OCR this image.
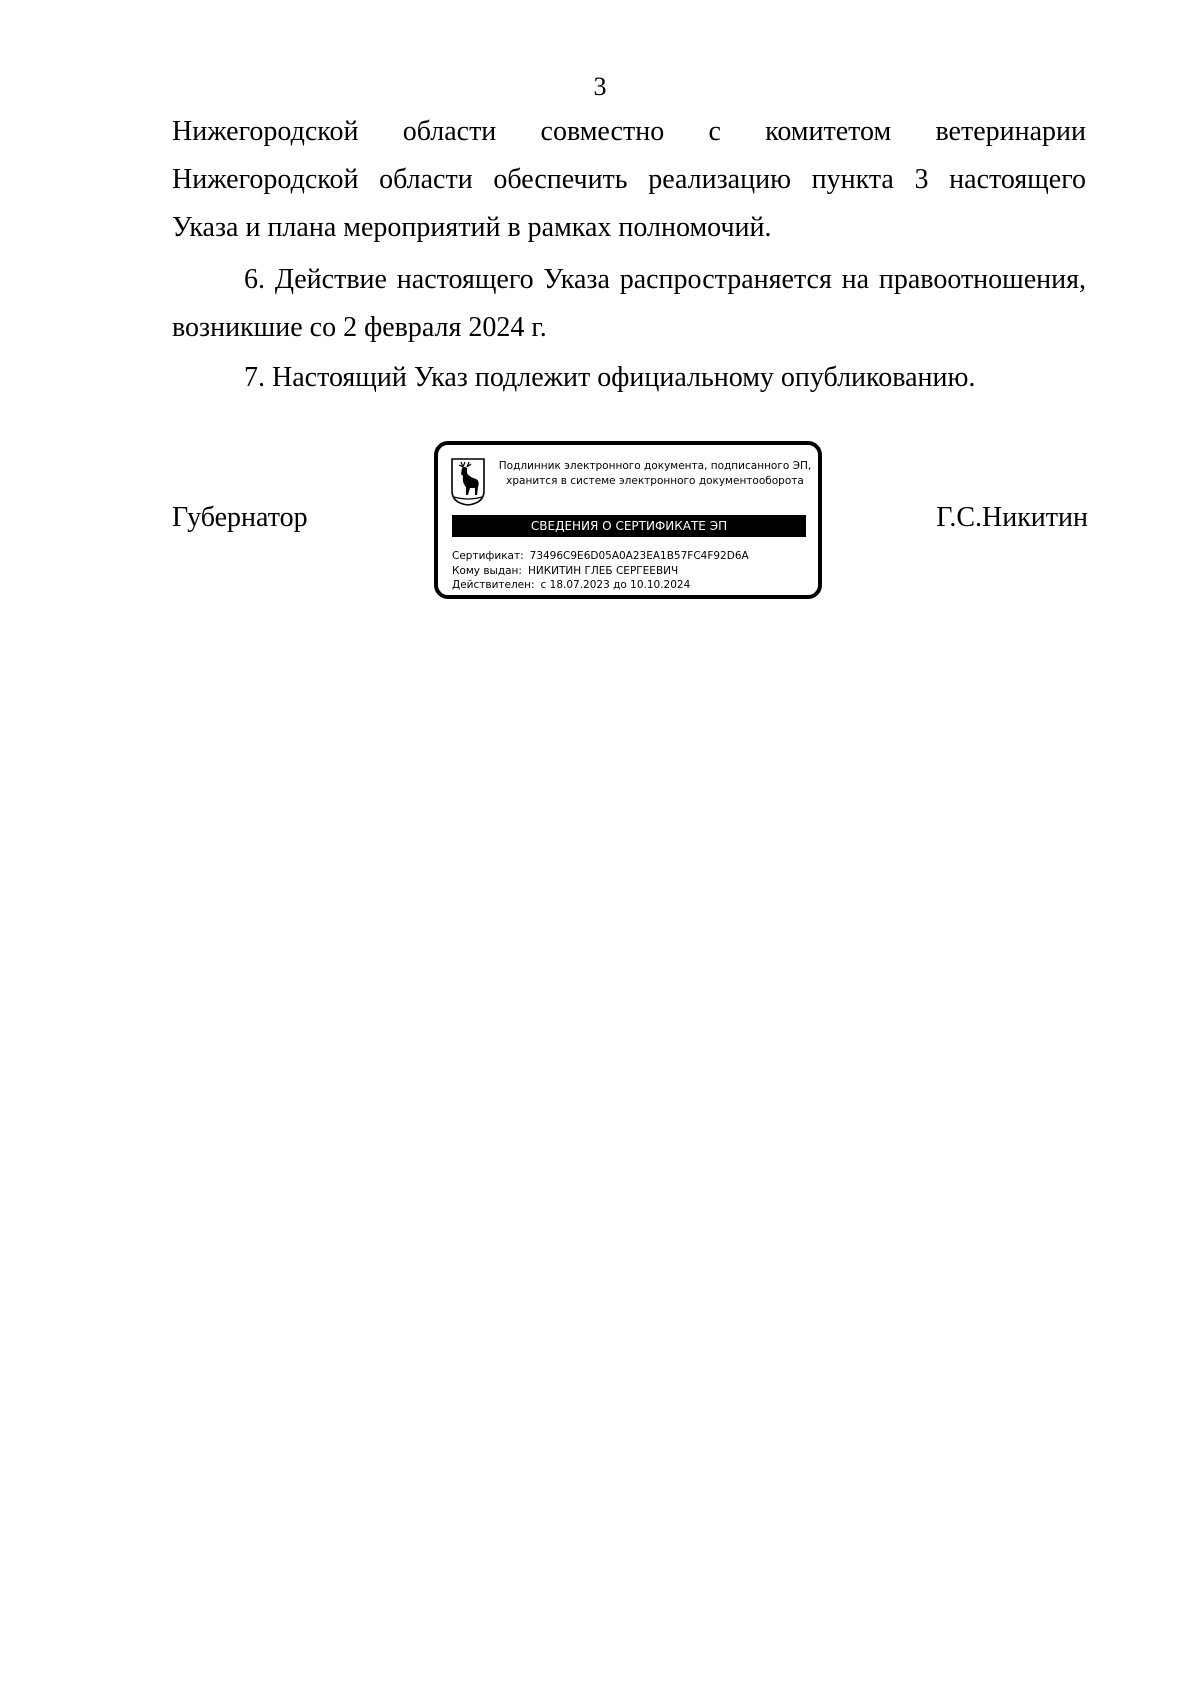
3
Нижегородской области совместно с комитетом ветеринарии
Нижегородской области обеспечить реализацию пункта 3 настоящего
Указа и плана мероприятий в рамках полномочий.
6. Действие настоящего Указа распространяется на правоотношения, возникшие со 2 февраля 2024 г.
7. Настоящий Указ подлежит официальному опубликованию.
Губернатор	Г.С.Никитин
Подлинник электронного документа, подписанного ЭП,
хранится в системе электронного документооборота
СВЕДЕНИЯ О СЕРТИФИКАТЕ ЭП
Сертификат: 73496C9E6D05A0A23EA1B57FC4F92D6A
Кому выдан: НИКИТИН ГЛЕБ СЕРГЕЕВИЧ
Действителен: с 18.07.2023 до 10.10.2024
